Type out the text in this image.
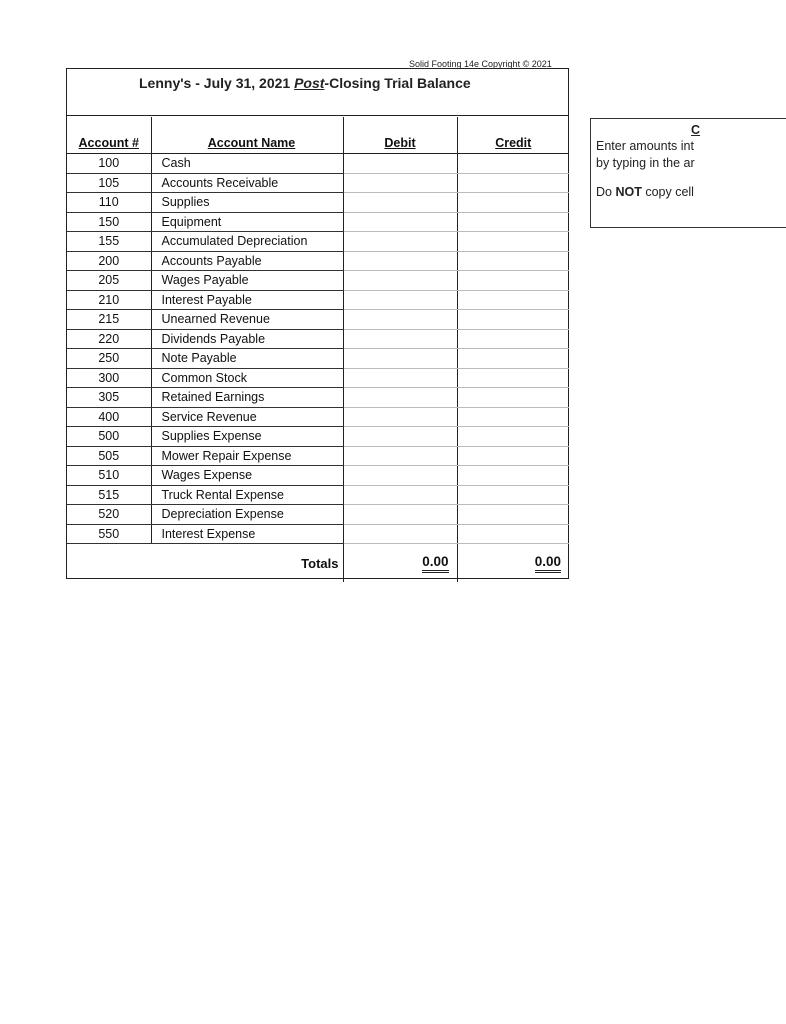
Solid Footing 14e Copyright © 2021
Lenny's - July 31, 2021 Post-Closing Trial Balance
Account #	Account Name	Debit	Credit
100	Cash		
105	Accounts Receivable		
110	Supplies		
150	Equipment		
155	Accumulated Depreciation		
200	Accounts Payable		
205	Wages Payable		
210	Interest Payable		
215	Unearned Revenue		
220	Dividends Payable		
250	Note Payable		
300	Common Stock		
305	Retained Earnings		
400	Service Revenue		
500	Supplies Expense		
505	Mower Repair Expense		
510	Wages Expense		
515	Truck Rental Expense		
520	Depreciation Expense		
550	Interest Expense		
	Totals	0.00	0.00
C
Enter amounts int
by typing in the ar
Do NOT copy cell
